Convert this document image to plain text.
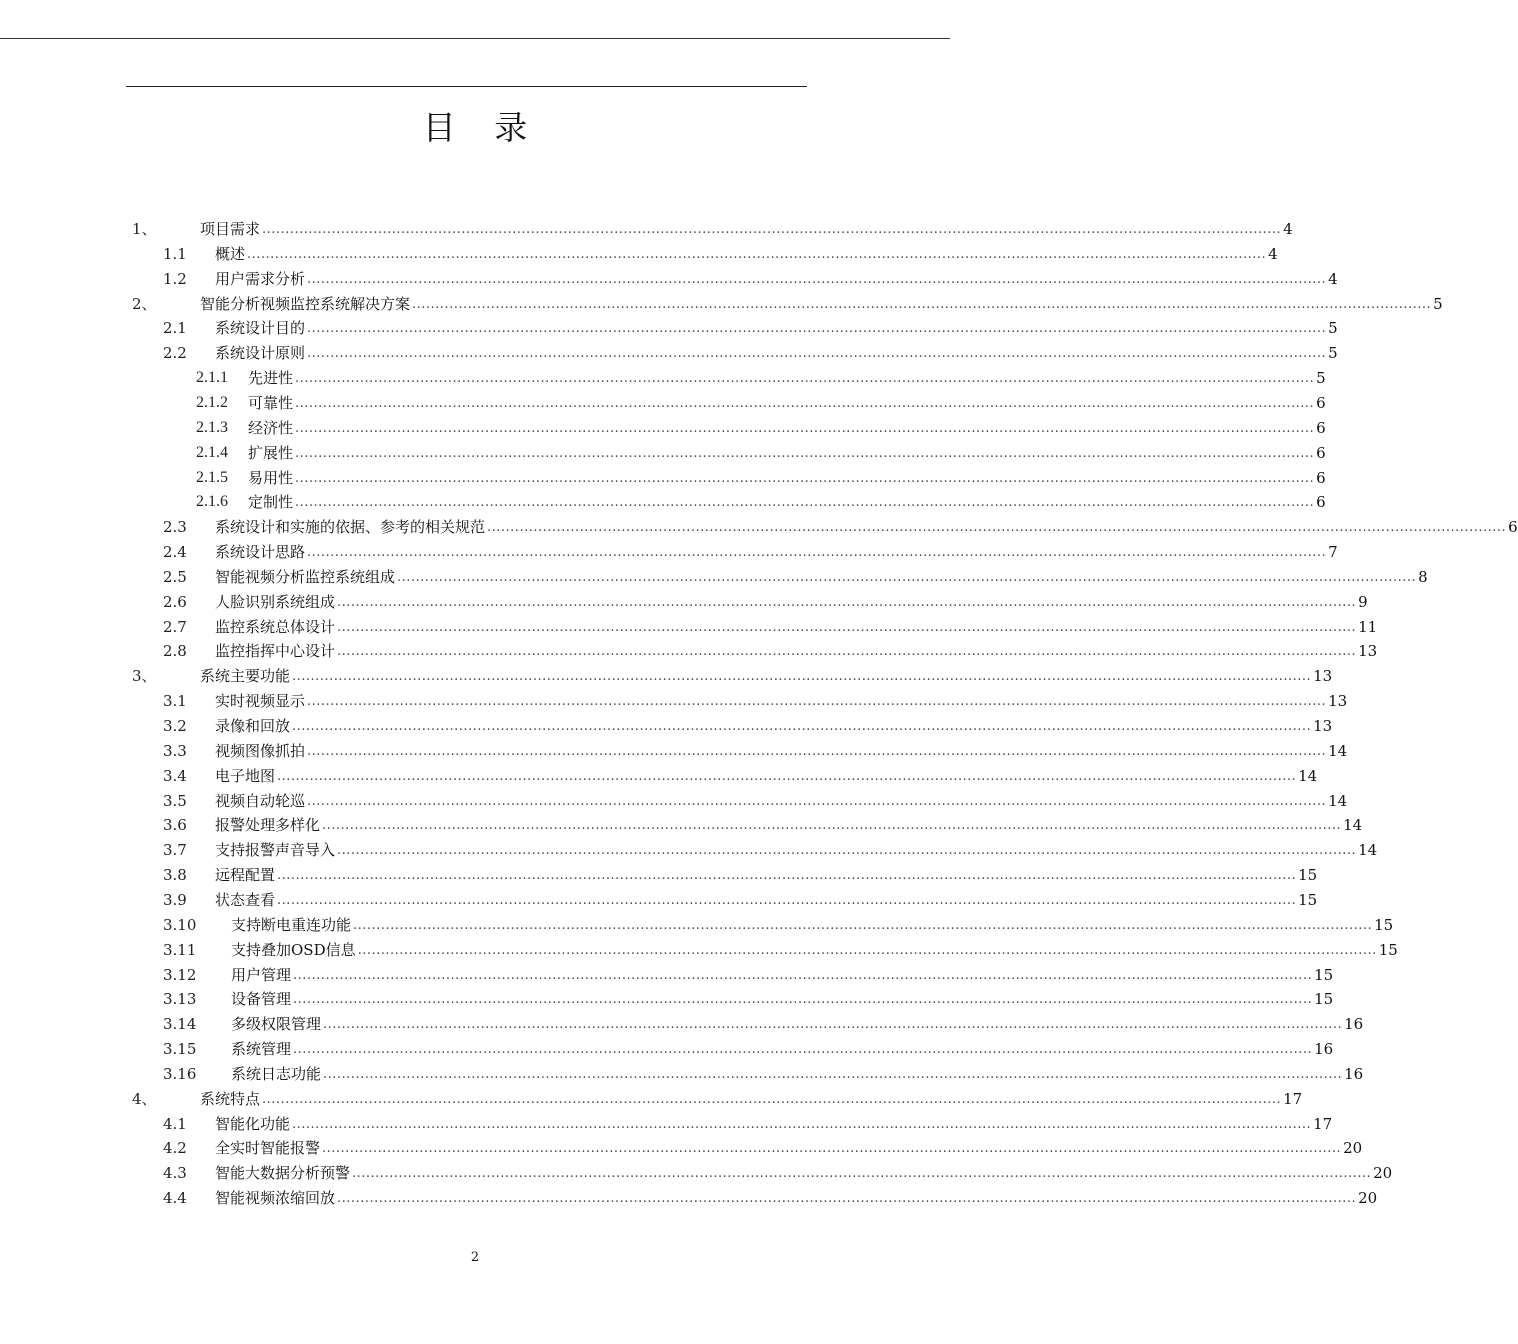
目 录
1、	项目需求 ............................................................................................................................................................................................................................ 4
1.1	概述 ............................................................................................................................................................................................................................ 4
1.2	用户需求分析 ............................................................................................................................................................................................................................ 4
2、	智能分析视频监控系统解决方案 ............................................................................................................................................................................................................................ 5
2.1	系统设计目的 ............................................................................................................................................................................................................................ 5
2.2	系统设计原则 ............................................................................................................................................................................................................................ 5
2.1.1	先进性 ............................................................................................................................................................................................................................ 5
2.1.2	可靠性 ............................................................................................................................................................................................................................ 6
2.1.3	经济性 ............................................................................................................................................................................................................................ 6
2.1.4	扩展性 ............................................................................................................................................................................................................................ 6
2.1.5	易用性 ............................................................................................................................................................................................................................ 6
2.1.6	定制性 ............................................................................................................................................................................................................................ 6
2.3	系统设计和实施的依据、参考的相关规范 ............................................................................................................................................................................................................................ 6
2.4	系统设计思路 ............................................................................................................................................................................................................................ 7
2.5	智能视频分析监控系统组成 ............................................................................................................................................................................................................................ 8
2.6	人脸识别系统组成 ............................................................................................................................................................................................................................ 9
2.7	监控系统总体设计 ............................................................................................................................................................................................................................ 11
2.8	监控指挥中心设计 ............................................................................................................................................................................................................................ 13
3、	系统主要功能 ............................................................................................................................................................................................................................ 13
3.1	实时视频显示 ............................................................................................................................................................................................................................ 13
3.2	录像和回放 ............................................................................................................................................................................................................................ 13
3.3	视频图像抓拍 ............................................................................................................................................................................................................................ 14
3.4	电子地图 ............................................................................................................................................................................................................................ 14
3.5	视频自动轮巡 ............................................................................................................................................................................................................................ 14
3.6	报警处理多样化 ............................................................................................................................................................................................................................ 14
3.7	支持报警声音导入 ............................................................................................................................................................................................................................ 14
3.8	远程配置 ............................................................................................................................................................................................................................ 15
3.9	状态查看 ............................................................................................................................................................................................................................ 15
3.10	支持断电重连功能 ............................................................................................................................................................................................................................ 15
3.11	支持叠加OSD信息 ............................................................................................................................................................................................................................ 15
3.12	用户管理 ............................................................................................................................................................................................................................ 15
3.13	设备管理 ............................................................................................................................................................................................................................ 15
3.14	多级权限管理 ............................................................................................................................................................................................................................ 16
3.15	系统管理 ............................................................................................................................................................................................................................ 16
3.16	系统日志功能 ............................................................................................................................................................................................................................ 16
4、	系统特点 ............................................................................................................................................................................................................................ 17
4.1	智能化功能 ............................................................................................................................................................................................................................ 17
4.2	全实时智能报警 ............................................................................................................................................................................................................................ 20
4.3	智能大数据分析预警 ............................................................................................................................................................................................................................ 20
4.4	智能视频浓缩回放 ............................................................................................................................................................................................................................ 20
2
